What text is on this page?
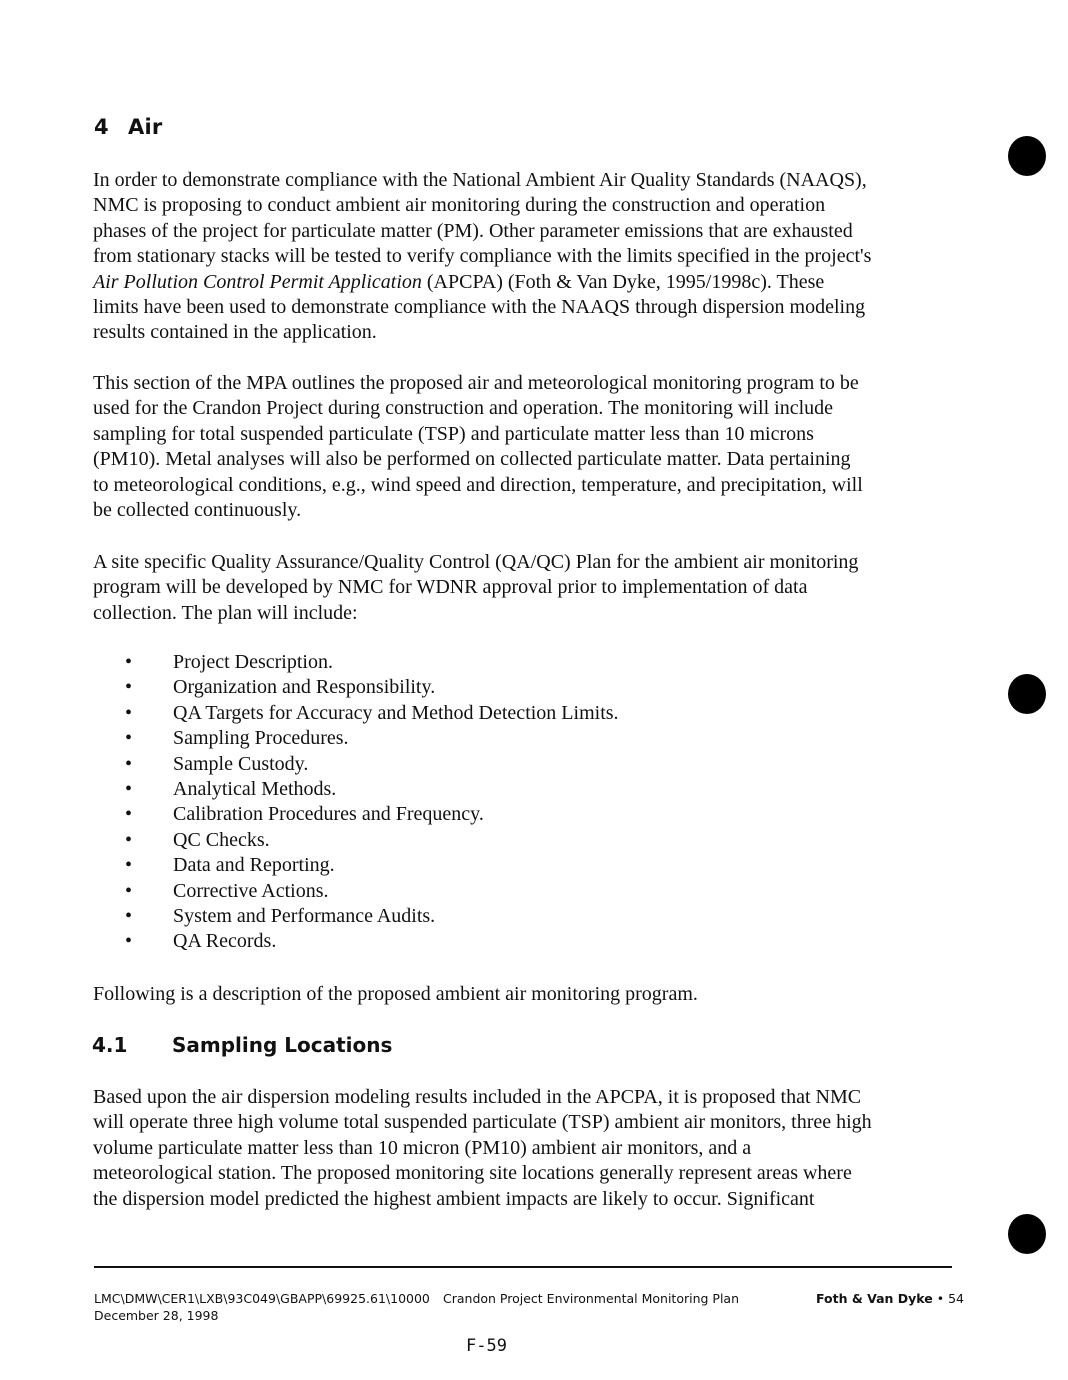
4 Air

In order to demonstrate compliance with the National Ambient Air Quality Standards (NAAQS),
NMC is proposing to conduct ambient air monitoring during the construction and operation
phases of the project for particulate matter (PM). Other parameter emissions that are exhausted
from stationary stacks will be tested to verify compliance with the limits specified in the project's
Air Pollution Control Permit Application (APCPA) (Foth & Van Dyke, 1995/1998c). These
limits have been used to demonstrate compliance with the NAAQS through dispersion modeling
results contained in the application.

This section of the MPA outlines the proposed air and meteorological monitoring program to be
used for the Crandon Project during construction and operation. The monitoring will include
sampling for total suspended particulate (TSP) and particulate matter less than 10 microns
(PM10). Metal analyses will also be performed on collected particulate matter. Data pertaining
to meteorological conditions, e.g., wind speed and direction, temperature, and precipitation, will
be collected continuously.

A site specific Quality Assurance/Quality Control (QA/QC) Plan for the ambient air monitoring
program will be developed by NMC for WDNR approval prior to implementation of data
collection. The plan will include:

• Project Description.
• Organization and Responsibility.
• QA Targets for Accuracy and Method Detection Limits.
• Sampling Procedures.
• Sample Custody.
• Analytical Methods.
• Calibration Procedures and Frequency.
• QC Checks.
• Data and Reporting.
• Corrective Actions.
• System and Performance Audits.
• QA Records.

Following is a description of the proposed ambient air monitoring program.

4.1 Sampling Locations

Based upon the air dispersion modeling results included in the APCPA, it is proposed that NMC
will operate three high volume total suspended particulate (TSP) ambient air monitors, three high
volume particulate matter less than 10 micron (PM10) ambient air monitors, and a
meteorological station. The proposed monitoring site locations generally represent areas where
the dispersion model predicted the highest ambient impacts are likely to occur. Significant

LMC\DMW\CER1\LXB\93C049\GBAPP\69925.61\10000
December 28, 1998
Crandon Project Environmental Monitoring Plan	Foth & Van Dyke • 54
F-59
